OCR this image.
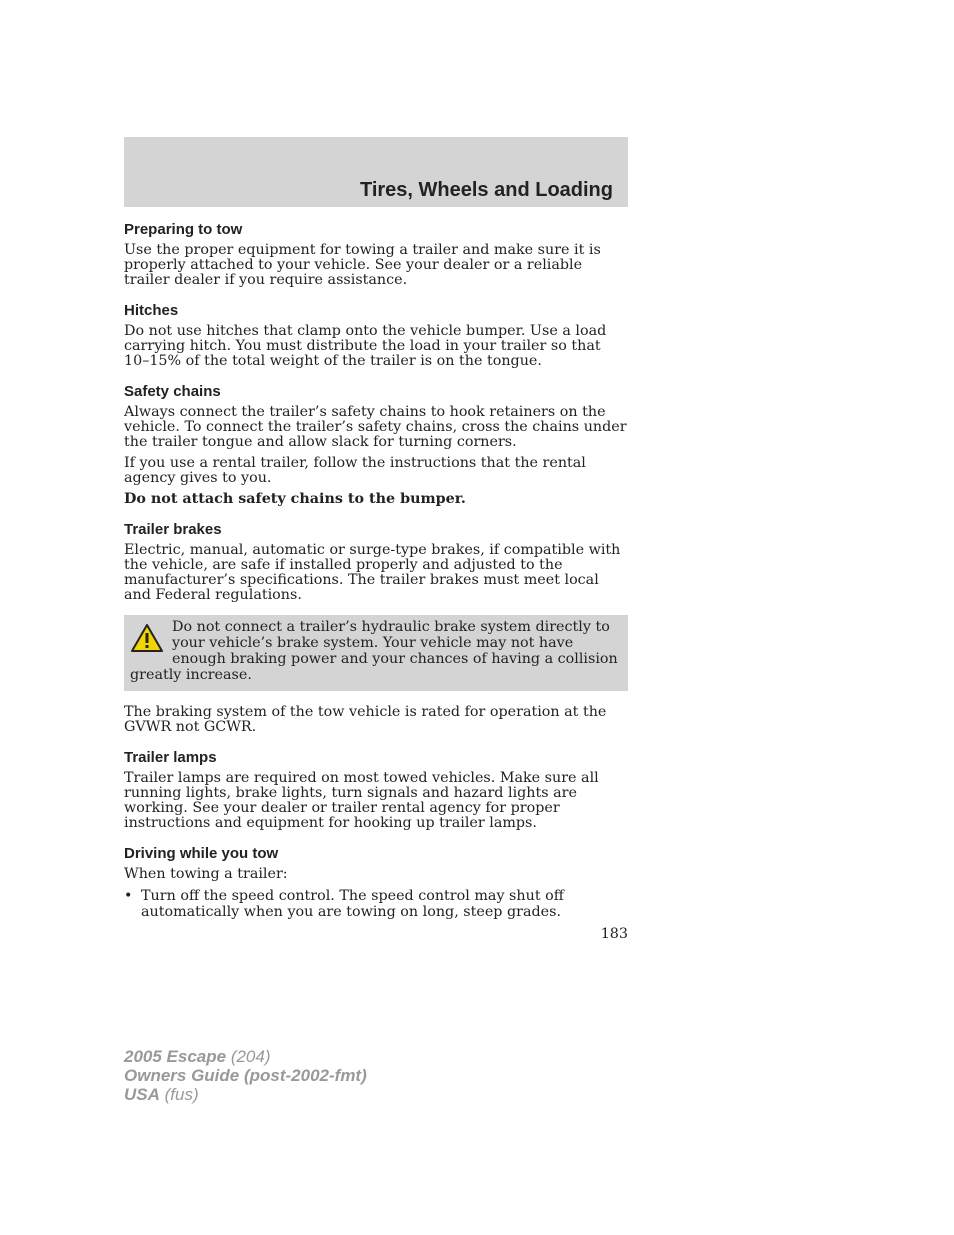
Tires, Wheels and Loading
Preparing to tow
Use the proper equipment for towing a trailer and make sure it is properly attached to your vehicle. See your dealer or a reliable trailer dealer if you require assistance.
Hitches
Do not use hitches that clamp onto the vehicle bumper. Use a load carrying hitch. You must distribute the load in your trailer so that 10–15% of the total weight of the trailer is on the tongue.
Safety chains
Always connect the trailer’s safety chains to hook retainers on the vehicle. To connect the trailer’s safety chains, cross the chains under the trailer tongue and allow slack for turning corners.
If you use a rental trailer, follow the instructions that the rental agency gives to you.
Do not attach safety chains to the bumper.
Trailer brakes
Electric, manual, automatic or surge-type brakes, if compatible with the vehicle, are safe if installed properly and adjusted to the manufacturer’s specifications. The trailer brakes must meet local and Federal regulations.
Do not connect a trailer’s hydraulic brake system directly to your vehicle’s brake system. Your vehicle may not have enough braking power and your chances of having a collision greatly increase.
The braking system of the tow vehicle is rated for operation at the GVWR not GCWR.
Trailer lamps
Trailer lamps are required on most towed vehicles. Make sure all running lights, brake lights, turn signals and hazard lights are working. See your dealer or trailer rental agency for proper instructions and equipment for hooking up trailer lamps.
Driving while you tow
When towing a trailer:
• Turn off the speed control. The speed control may shut off automatically when you are towing on long, steep grades.
183
2005 Escape (204)
Owners Guide (post-2002-fmt)
USA (fus)
